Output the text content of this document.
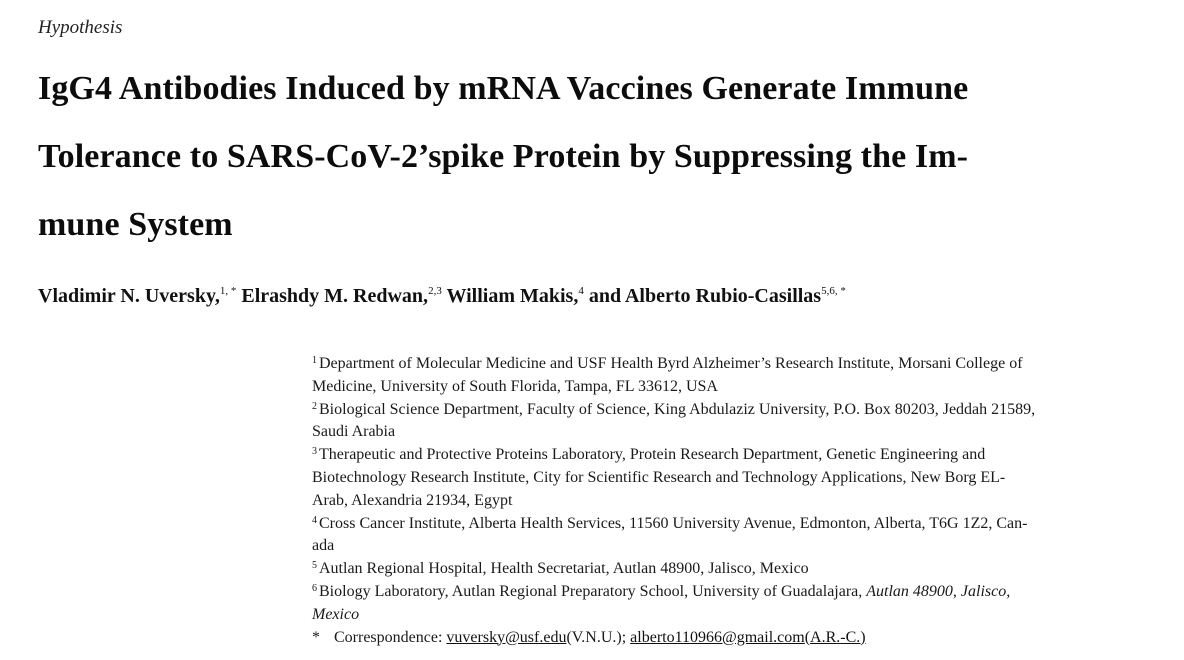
Hypothesis
IgG4 Antibodies Induced by mRNA Vaccines Generate Immune
Tolerance to SARS-CoV-2’spike Protein by Suppressing the Im-
mune System
Vladimir N. Uversky,$^{1, *}$ Elrashdy M. Redwan,$^{2,3}$ William Makis,$^4$ and Alberto Rubio-Casillas$^{5,6, *}$
$^1$ Department of Molecular Medicine and USF Health Byrd Alzheimer’s Research Institute, Morsani College of
Medicine, University of South Florida, Tampa, FL 33612, USA
$^2$ Biological Science Department, Faculty of Science, King Abdulaziz University, P.O. Box 80203, Jeddah 21589,
Saudi Arabia
$^3$ Therapeutic and Protective Proteins Laboratory, Protein Research Department, Genetic Engineering and
Biotechnology Research Institute, City for Scientific Research and Technology Applications, New Borg EL-
Arab, Alexandria 21934, Egypt
$^4$ Cross Cancer Institute, Alberta Health Services, 11560 University Avenue, Edmonton, Alberta, T6G 1Z2, Can-
ada
$^5$ Autlan Regional Hospital, Health Secretariat, Autlan 48900, Jalisco, Mexico
$^6$ Biology Laboratory, Autlan Regional Preparatory School, University of Guadalajara, Autlan 48900, Jalisco,
Mexico
* Correspondence: vuversky@usf.edu(V.N.U.); alberto110966@gmail.com(A.R.-C.)
